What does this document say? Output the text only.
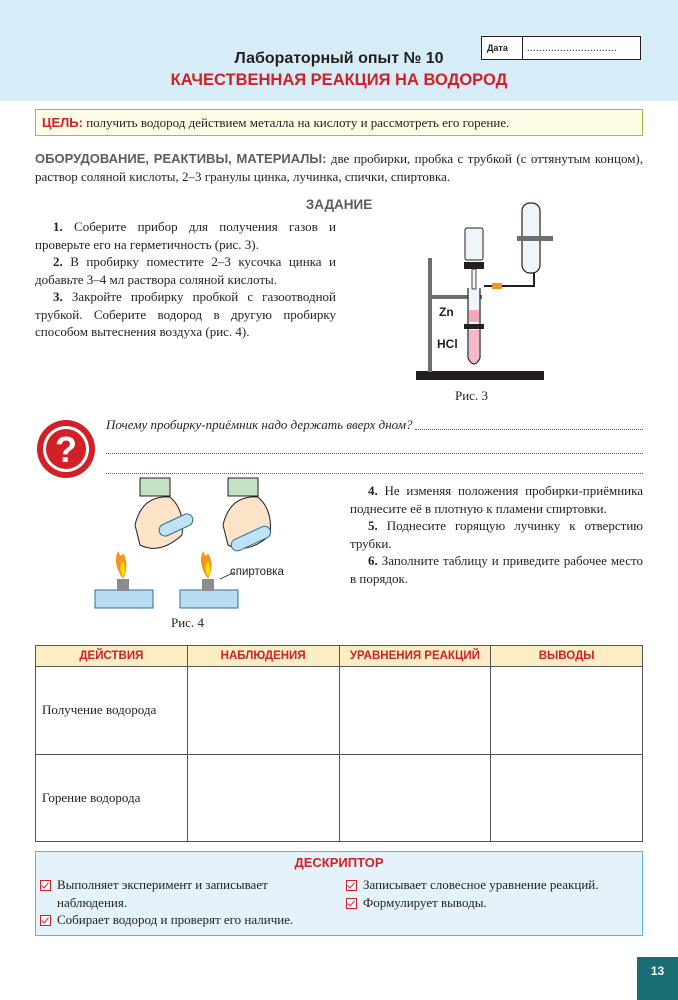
Дата	..............................
Лабораторный опыт № 10
КАЧЕСТВЕННАЯ РЕАКЦИЯ НА ВОДОРОД
ЦЕЛЬ: получить водород действием металла на кислоту и рассмотреть его горение.
ОБОРУДОВАНИЕ, РЕАКТИВЫ, МАТЕРИАЛЫ: две пробирки, пробка с трубкой (с оттянутым концом), раствор соляной кислоты, 2–3 гранулы цинка, лучинка, спички, спиртовка.
ЗАДАНИЕ

1. Соберите прибор для получения газов и проверьте его на герметичность (рис. 3).

2. В пробирку поместите 2–3 кусочка цинка и добавьте 3–4 мл раствора соляной кислоты.

3. Закройте пробирку пробкой с газоотводной трубкой. Соберите водород в другую пробирку способом вытеснения воздуха (рис. 4).

Zn
HCl
Рис. 3
?
Почему пробирку-приёмник надо держать вверх дном?
спиртовка
Рис. 4

4. Не изменяя положения пробирки-приёмника поднесите её в плотную к пламени спиртовки.

5. Поднесите горящую лучинку к отверстию трубки.

6. Заполните таблицу и приведите рабочее место в порядок.

ДЕЙСТВИЯ	НАБЛЮДЕНИЯ	УРАВНЕНИЯ РЕАКЦИЙ	ВЫВОДЫ
Получение водорода			
Горение водорода			
ДЕСКРИПТОР
Выполняет эксперимент и записывает наблюдения.
Собирает водород и проверят его наличие.
Записывает словесное уравнение реакций.
Формулирует выводы.
13
